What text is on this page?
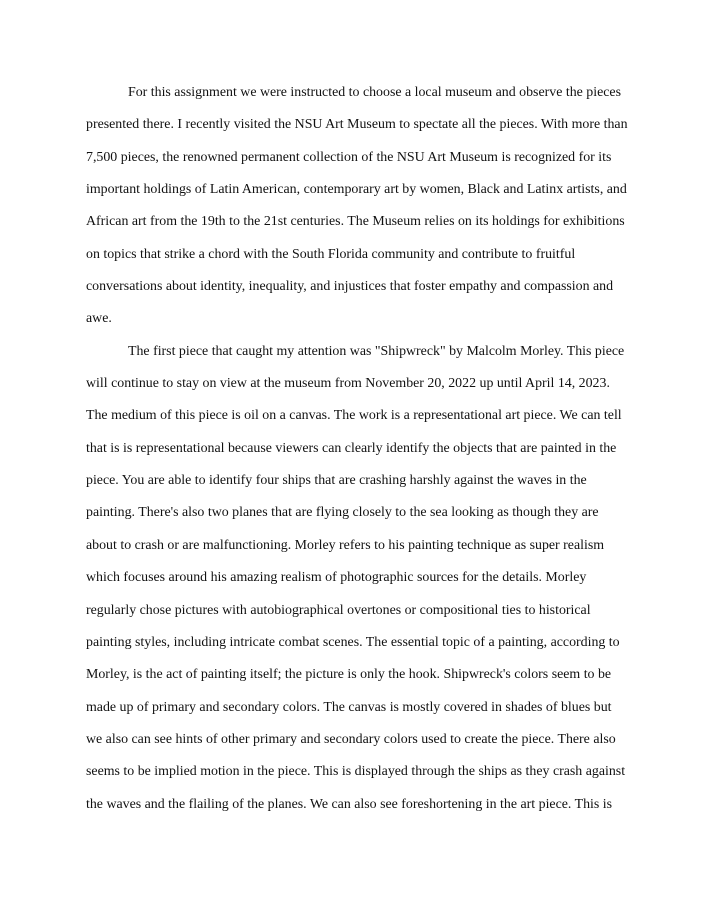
For this assignment we were instructed to choose a local museum and observe the pieces
presented there. I recently visited the NSU Art Museum to spectate all the pieces. With more than
7,500 pieces, the renowned permanent collection of the NSU Art Museum is recognized for its
important holdings of Latin American, contemporary art by women, Black and Latinx artists, and
African art from the 19th to the 21st centuries. The Museum relies on its holdings for exhibitions
on topics that strike a chord with the South Florida community and contribute to fruitful
conversations about identity, inequality, and injustices that foster empathy and compassion and
awe.
The first piece that caught my attention was "Shipwreck" by Malcolm Morley. This piece
will continue to stay on view at the museum from November 20, 2022 up until April 14, 2023.
The medium of this piece is oil on a canvas. The work is a representational art piece. We can tell
that is is representational because viewers can clearly identify the objects that are painted in the
piece. You are able to identify four ships that are crashing harshly against the waves in the
painting. There's also two planes that are flying closely to the sea looking as though they are
about to crash or are malfunctioning. Morley refers to his painting technique as super realism
which focuses around his amazing realism of photographic sources for the details. Morley
regularly chose pictures with autobiographical overtones or compositional ties to historical
painting styles, including intricate combat scenes. The essential topic of a painting, according to
Morley, is the act of painting itself; the picture is only the hook. Shipwreck's colors seem to be
made up of primary and secondary colors. The canvas is mostly covered in shades of blues but
we also can see hints of other primary and secondary colors used to create the piece. There also
seems to be implied motion in the piece. This is displayed through the ships as they crash against
the waves and the flailing of the planes. We can also see foreshortening in the art piece. This is
